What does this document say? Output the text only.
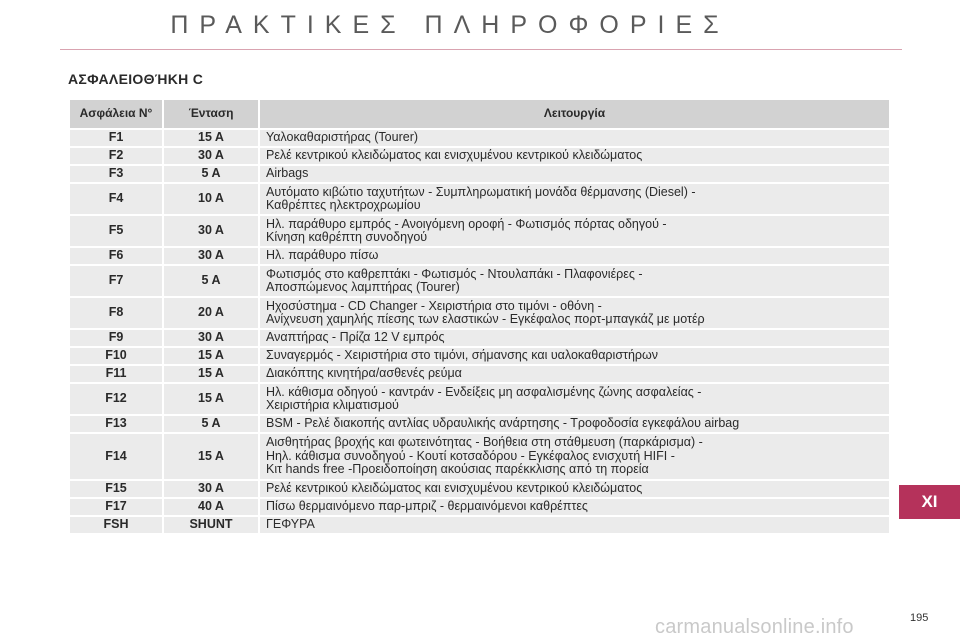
ΠΡΑΚΤΙΚΕΣ ΠΛΗΡΟΦΟΡΙΕΣ
ΑΣΦΑΛΕΙΟΘΉΚΗ C
Ασφάλεια N°	Ένταση	Λειτουργία
F1	15 A	Υαλοκαθαριστήρας (Tourer)

F2	30 A	Ρελέ κεντρικού κλειδώματος και ενισχυμένου κεντρικού κλειδώματος

F3	5 A	Airbags

F4	10 A	Αυτόματο κιβώτιο ταχυτήτων - Συμπληρωματική μονάδα θέρμανσης (Diesel) -
Καθρέπτες ηλεκτροχρωμίου

F5	30 A	Ηλ. παράθυρο εμπρός - Ανοιγόμενη οροφή - Φωτισμός πόρτας οδηγού -
Κίνηση καθρέπτη συνοδηγού

F6	30 A	Ηλ. παράθυρο πίσω

F7	5 A	Φωτισμός στο καθρεπτάκι - Φωτισμός - Ντουλαπάκι - Πλαφονιέρες -
Αποσπώμενος λαμπτήρας (Tourer)

F8	20 A	Ηχοσύστημα - CD Changer - Χειριστήρια στο τιμόνι - οθόνη -
Ανίχνευση χαμηλής πίεσης των ελαστικών - Εγκέφαλος πορτ-μπαγκάζ με μοτέρ

F9	30 A	Αναπτήρας - Πρίζα 12 V εμπρός

F10	15 A	Συναγερμός - Χειριστήρια στο τιμόνι, σήμανσης και υαλοκαθαριστήρων

F11	15 A	Διακόπτης κινητήρα/ασθενές ρεύμα

F12	15 A	Ηλ. κάθισμα οδηγού - καντράν - Ενδείξεις μη ασφαλισμένης ζώνης ασφαλείας -
Χειριστήρια κλιματισμού

F13	5 A	BSM - Ρελέ διακοπής αντλίας υδραυλικής ανάρτησης - Τροφοδοσία εγκεφάλου airbag

F14	15 A	Αισθητήρας βροχής και φωτεινότητας - Βοήθεια στη στάθμευση (παρκάρισμα) -
Ηηλ. κάθισμα συνοδηγού - Κουτί κοτσαδόρου - Εγκέφαλος ενισχυτή HIFI -
Κιτ hands free -Προειδοποίηση ακούσιας παρέκκλισης από τη πορεία

F15	30 A	Ρελέ κεντρικού κλειδώματος και ενισχυμένου κεντρικού κλειδώματος

F17	40 A	Πίσω θερμαινόμενο παρ-μπριζ - θερμαινόμενοι καθρέπτες

FSH	SHUNT	ΓΕΦΥΡΑ
XI
195
carmanualsonline.info
